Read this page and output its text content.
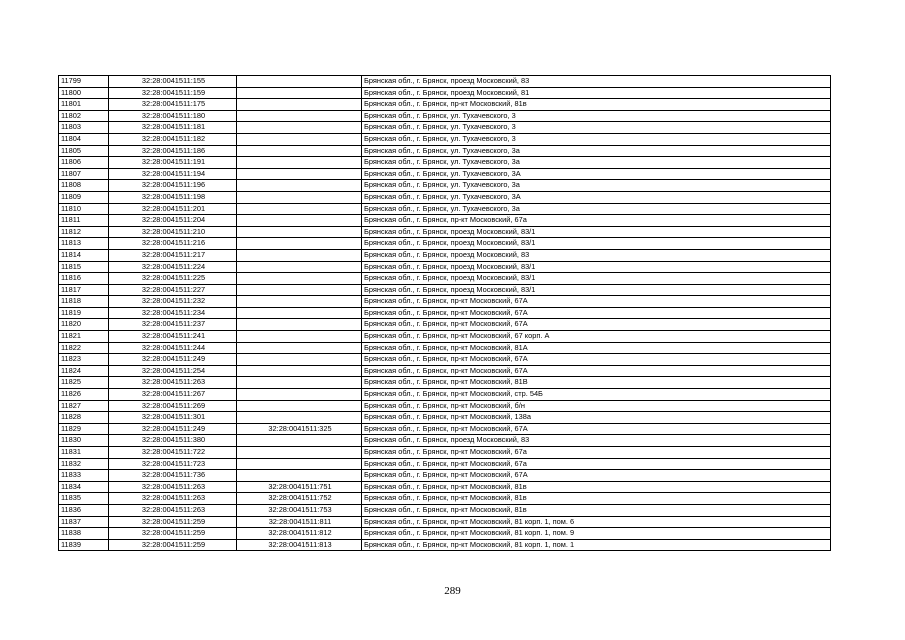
11799	32:28:0041511:155		Брянская обл., г. Брянск, проезд Московский, 83
11800	32:28:0041511:159		Брянская обл., г. Брянск, проезд Московский, 81
11801	32:28:0041511:175		Брянская обл., г. Брянск, пр-кт Московский, 81в
11802	32:28:0041511:180		Брянская обл., г. Брянск, ул. Тухачевского, 3
11803	32:28:0041511:181		Брянская обл., г. Брянск, ул. Тухачевского, 3
11804	32:28:0041511:182		Брянская обл., г. Брянск, ул. Тухачевского, 3
11805	32:28:0041511:186		Брянская обл., г. Брянск, ул. Тухачевского, 3а
11806	32:28:0041511:191		Брянская обл., г. Брянск, ул. Тухачевского, 3а
11807	32:28:0041511:194		Брянская обл., г. Брянск, ул. Тухачевского, 3А
11808	32:28:0041511:196		Брянская обл., г. Брянск, ул. Тухачевского, 3а
11809	32:28:0041511:198		Брянская обл., г. Брянск, ул. Тухачевского, 3А
11810	32:28:0041511:201		Брянская обл., г. Брянск, ул. Тухачевского, 3а
11811	32:28:0041511:204		Брянская обл., г. Брянск, пр-кт Московский, 67а
11812	32:28:0041511:210		Брянская обл., г. Брянск, проезд Московский, 83/1
11813	32:28:0041511:216		Брянская обл., г. Брянск, проезд Московский, 83/1
11814	32:28:0041511:217		Брянская обл., г. Брянск, проезд Московский, 83
11815	32:28:0041511:224		Брянская обл., г. Брянск, проезд Московский, 83/1
11816	32:28:0041511:225		Брянская обл., г. Брянск, проезд Московский, 83/1
11817	32:28:0041511:227		Брянская обл., г. Брянск, проезд Московский, 83/1
11818	32:28:0041511:232		Брянская обл., г. Брянск, пр-кт Московский, 67А
11819	32:28:0041511:234		Брянская обл., г. Брянск, пр-кт Московский, 67А
11820	32:28:0041511:237		Брянская обл., г. Брянск, пр-кт Московский, 67А
11821	32:28:0041511:241		Брянская обл., г. Брянск, пр-кт Московский, 67 корп. А
11822	32:28:0041511:244		Брянская обл., г. Брянск, пр-кт Московский, 81А
11823	32:28:0041511:249		Брянская обл., г. Брянск, пр-кт Московский, 67А
11824	32:28:0041511:254		Брянская обл., г. Брянск, пр-кт Московский, 67А
11825	32:28:0041511:263		Брянская обл., г. Брянск, пр-кт Московский, 81В
11826	32:28:0041511:267		Брянская обл., г. Брянск, пр-кт Московский, стр. 54Б
11827	32:28:0041511:269		Брянская обл., г. Брянск, пр-кт Московский, б/н
11828	32:28:0041511:301		Брянская обл., г. Брянск, пр-кт Московский, 138а
11829	32:28:0041511:249	32:28:0041511:325	Брянская обл., г. Брянск, пр-кт Московский, 67А
11830	32:28:0041511:380		Брянская обл., г. Брянск, проезд Московский, 83
11831	32:28:0041511:722		Брянская обл., г. Брянск, пр-кт Московский, 67а
11832	32:28:0041511:723		Брянская обл., г. Брянск, пр-кт Московский, 67а
11833	32:28:0041511:736		Брянская обл., г. Брянск, пр-кт Московский, 67А
11834	32:28:0041511:263	32:28:0041511:751	Брянская обл., г. Брянск, пр-кт Московский, 81в
11835	32:28:0041511:263	32:28:0041511:752	Брянская обл., г. Брянск, пр-кт Московский, 81в
11836	32:28:0041511:263	32:28:0041511:753	Брянская обл., г. Брянск, пр-кт Московский, 81в
11837	32:28:0041511:259	32:28:0041511:811	Брянская обл., г. Брянск, пр-кт Московский, 81 корп. 1, пом. 6
11838	32:28:0041511:259	32:28:0041511:812	Брянская обл., г. Брянск, пр-кт Московский, 81 корп. 1, пом. 9
11839	32:28:0041511:259	32:28:0041511:813	Брянская обл., г. Брянск, пр-кт Московский, 81 корп. 1, пом. 1
289
